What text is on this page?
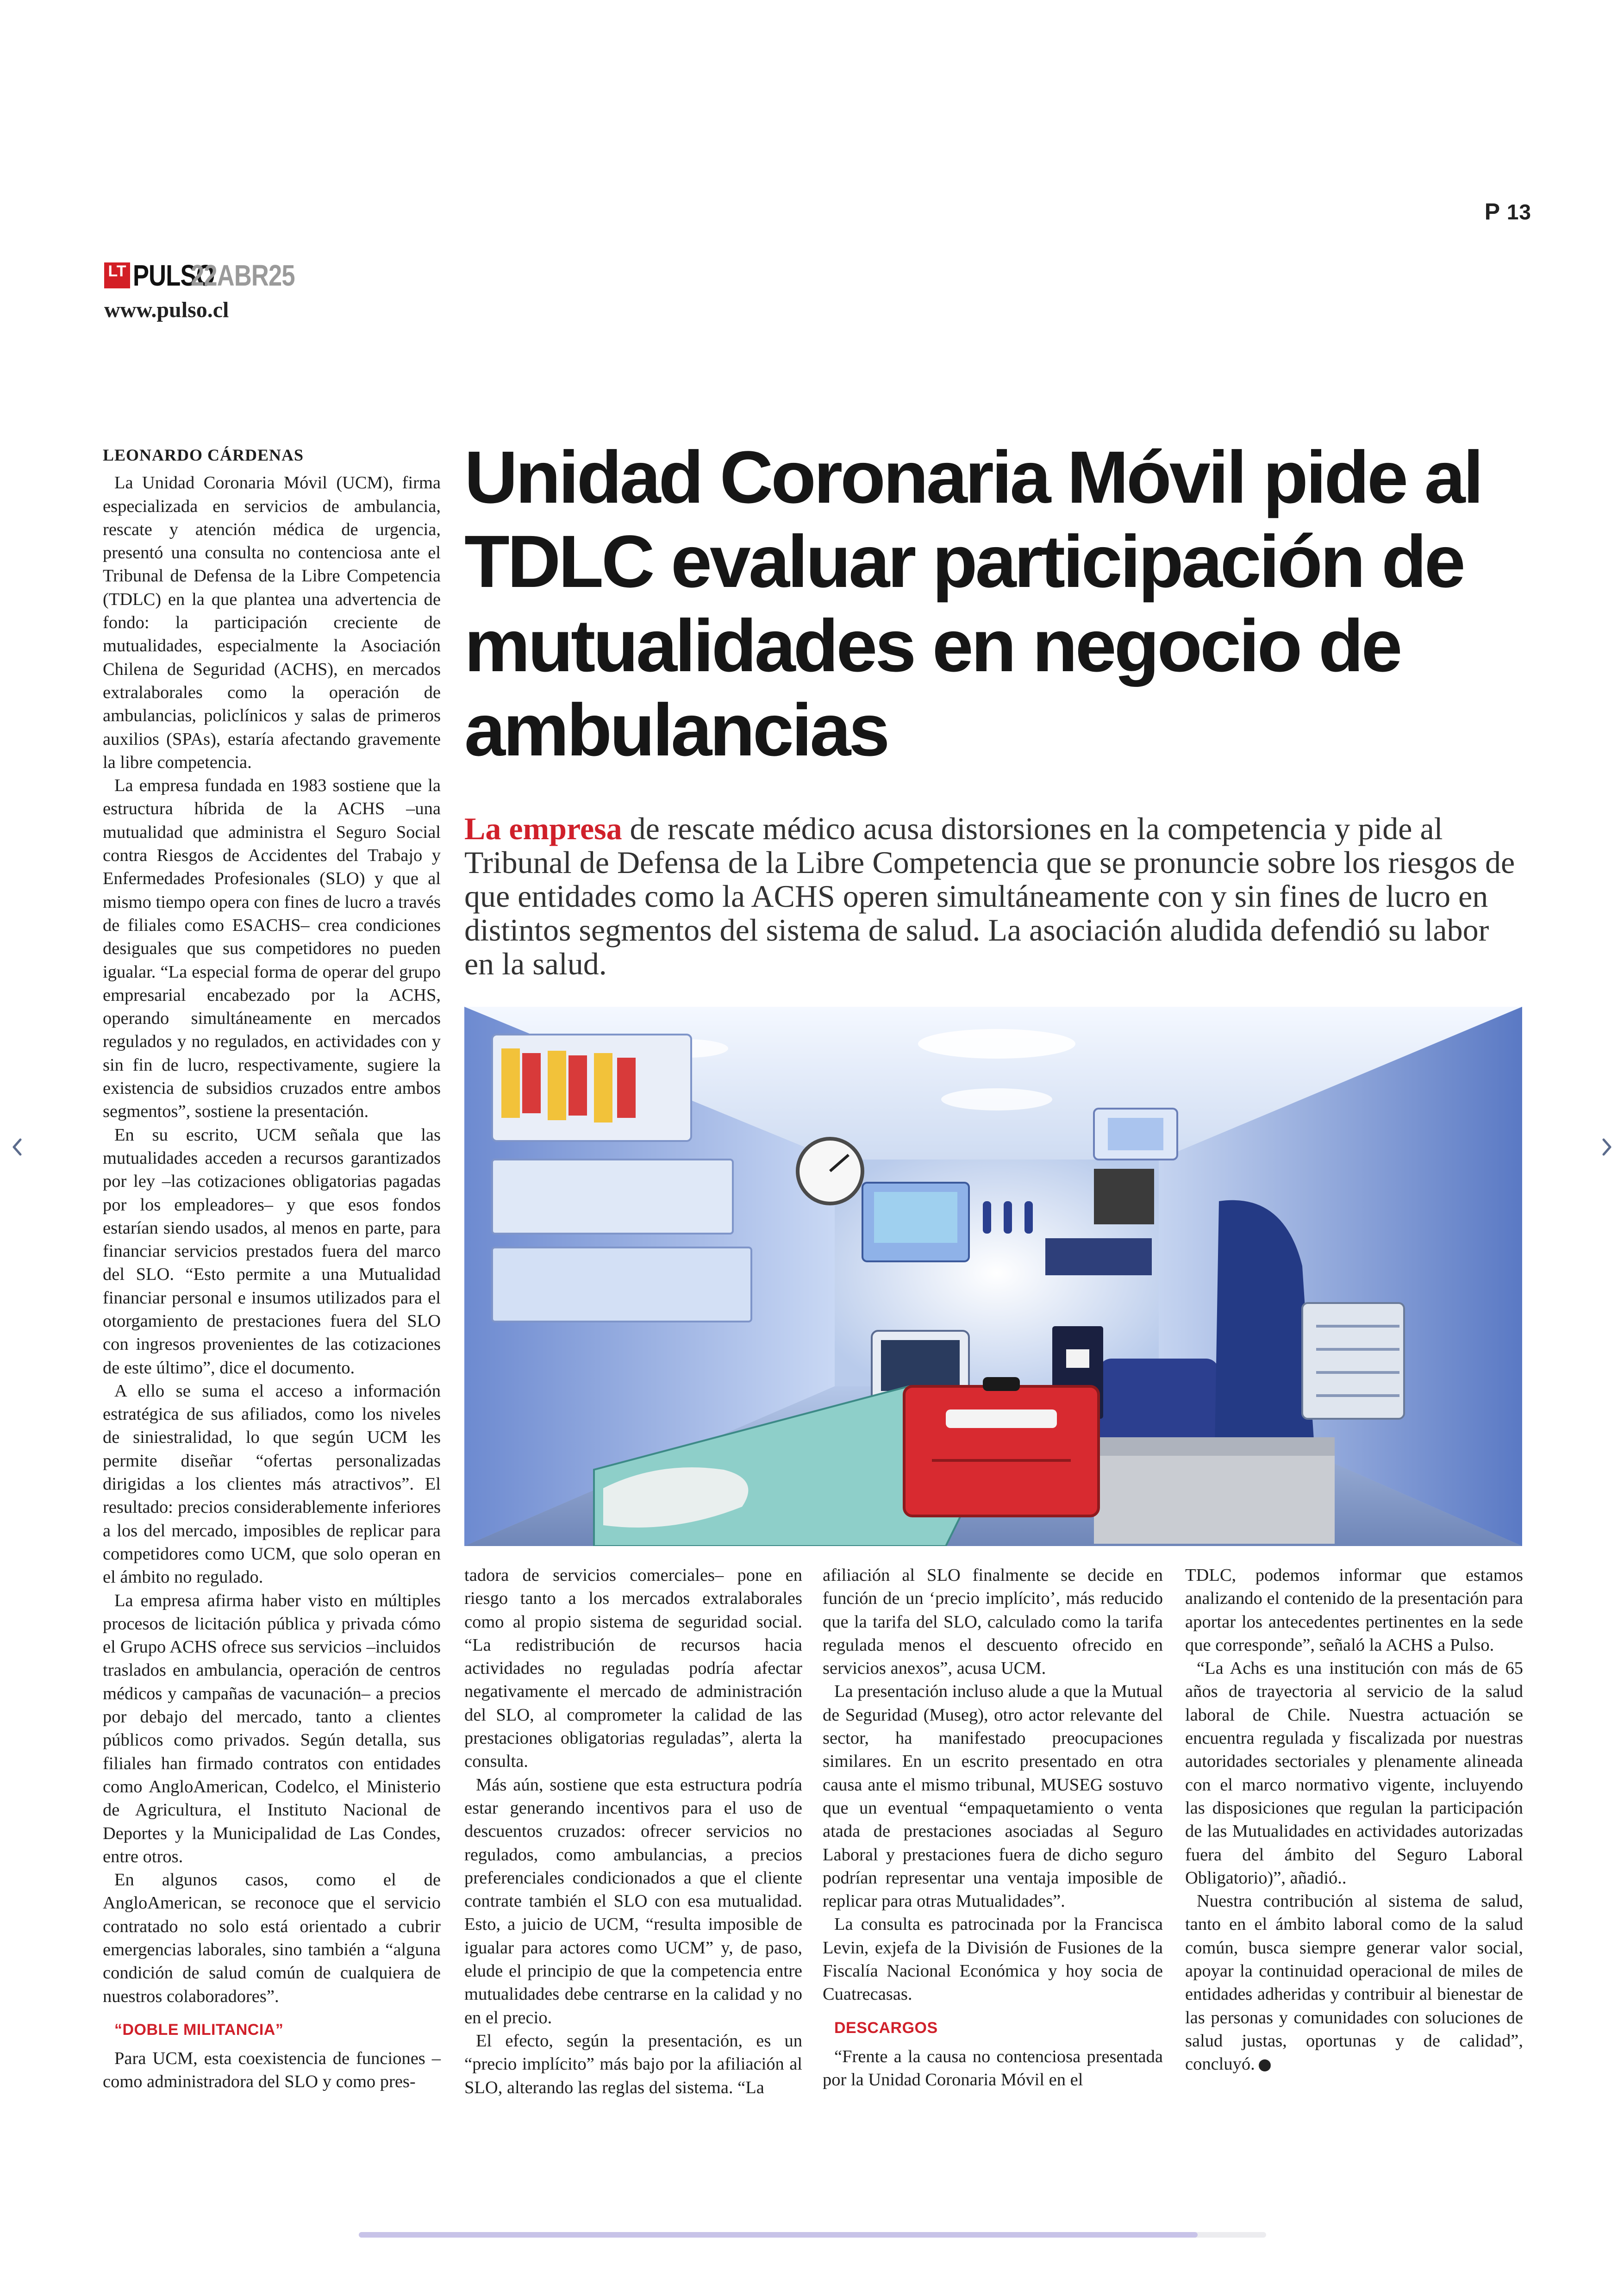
P 13
LT PULSO
22ABR25
www.pulso.cl
Unidad Coronaria Móvil pide al TDLC evaluar participación de mutualidades en negocio de ambulancias

La empresa de rescate médico acusa distorsiones en la competencia y pide al Tribunal de Defensa de la Libre Competencia que se pronuncie sobre los riesgos de que entidades como la ACHS operen simultáneamente con y sin fines de lucro en distintos segmentos del sistema de salud. La asociación aludida defendió su labor en la salud.

LEONARDO CÁRDENAS

La Unidad Coronaria Móvil (UCM), firma especializada en servicios de ambulancia, rescate y atención médica de urgencia, presentó una consulta no contenciosa ante el Tribunal de Defensa de la Libre Competencia (TDLC) en la que plantea una advertencia de fondo: la participación creciente de mutualidades, especialmente la Asociación Chilena de Seguridad (ACHS), en mercados extralaborales como la operación de ambulancias, policlínicos y salas de primeros auxilios (SPAs), estaría afectando gravemente la libre competencia.

La empresa fundada en 1983 sostiene que la estructura híbrida de la ACHS –una mutualidad que administra el Seguro Social contra Riesgos de Accidentes del Trabajo y Enfermedades Profesionales (SLO) y que al mismo tiempo opera con fines de lucro a través de filiales como ESACHS– crea condiciones desiguales que sus competidores no pueden igualar. “La especial forma de operar del grupo empresarial encabezado por la ACHS, operando simultáneamente en mercados regulados y no regulados, en actividades con y sin fin de lucro, respectivamente, sugiere la existencia de subsidios cruzados entre ambos segmentos”, sostiene la presentación.

En su escrito, UCM señala que las mutualidades acceden a recursos garantizados por ley –las cotizaciones obligatorias pagadas por los empleadores– y que esos fondos estarían siendo usados, al menos en parte, para financiar servicios prestados fuera del marco del SLO. “Esto permite a una Mutualidad financiar personal e insumos utilizados para el otorgamiento de prestaciones fuera del SLO con ingresos provenientes de las cotizaciones de este último”, dice el documento.

A ello se suma el acceso a información estratégica de sus afiliados, como los niveles de siniestralidad, lo que según UCM les permite diseñar “ofertas personalizadas dirigidas a los clientes más atractivos”. El resultado: precios considerablemente inferiores a los del mercado, imposibles de replicar para competidores como UCM, que solo operan en el ámbito no regulado.

La empresa afirma haber visto en múltiples procesos de licitación pública y privada cómo el Grupo ACHS ofrece sus servicios –incluidos traslados en ambulancia, operación de centros médicos y campañas de vacunación– a precios por debajo del mercado, tanto a clientes públicos como privados. Según detalla, sus filiales han firmado contratos con entidades como AngloAmerican, Codelco, el Ministerio de Agricultura, el Instituto Nacional de Deportes y la Municipalidad de Las Condes, entre otros.

En algunos casos, como el de AngloAmerican, se reconoce que el servicio contratado no solo está orientado a cubrir emergencias laborales, sino también a “alguna condición de salud común de cualquiera de nuestros colaboradores”.

“DOBLE MILITANCIA”

Para UCM, esta coexistencia de funciones –como administradora del SLO y como pres-

tadora de servicios comerciales– pone en riesgo tanto a los mercados extralaborales como al propio sistema de seguridad social. “La redistribución de recursos hacia actividades no reguladas podría afectar negativamente el mercado de administración del SLO, al comprometer la calidad de las prestaciones obligatorias reguladas”, alerta la consulta.

Más aún, sostiene que esta estructura podría estar generando incentivos para el uso de descuentos cruzados: ofrecer servicios no regulados, como ambulancias, a precios preferenciales condicionados a que el cliente contrate también el SLO con esa mutualidad. Esto, a juicio de UCM, “resulta imposible de igualar para actores como UCM” y, de paso, elude el principio de que la competencia entre mutualidades debe centrarse en la calidad y no en el precio.

El efecto, según la presentación, es un “precio implícito” más bajo por la afiliación al SLO, alterando las reglas del sistema. “La

afiliación al SLO finalmente se decide en función de un ‘precio implícito’, más reducido que la tarifa del SLO, calculado como la tarifa regulada menos el descuento ofrecido en servicios anexos”, acusa UCM.

La presentación incluso alude a que la Mutual de Seguridad (Museg), otro actor relevante del sector, ha manifestado preocupaciones similares. En un escrito presentado en otra causa ante el mismo tribunal, MUSEG sostuvo que un eventual “empaquetamiento o venta atada de prestaciones asociadas al Seguro Laboral y prestaciones fuera de dicho seguro podrían representar una ventaja imposible de replicar para otras Mutualidades”.

La consulta es patrocinada por la Francisca Levin, exjefa de la División de Fusiones de la Fiscalía Nacional Económica y hoy socia de Cuatrecasas.

DESCARGOS

“Frente a la causa no contenciosa presentada por la Unidad Coronaria Móvil en el

TDLC, podemos informar que estamos analizando el contenido de la presentación para aportar los antecedentes pertinentes en la sede que corresponde”, señaló la ACHS a Pulso.

“La Achs es una institución con más de 65 años de trayectoria al servicio de la salud laboral de Chile. Nuestra actuación se encuentra regulada y fiscalizada por nuestras autoridades sectoriales y plenamente alineada con el marco normativo vigente, incluyendo las disposiciones que regulan la participación de las Mutualidades en actividades autorizadas fuera del ámbito del Seguro Laboral Obligatorio)”, añadió..

Nuestra contribución al sistema de salud, tanto en el ámbito laboral como de la salud común, busca siempre generar valor social, apoyar la continuidad operacional de miles de entidades adheridas y contribuir al bienestar de las personas y comunidades con soluciones de salud justas, oportunas y de calidad”, concluyó. P
